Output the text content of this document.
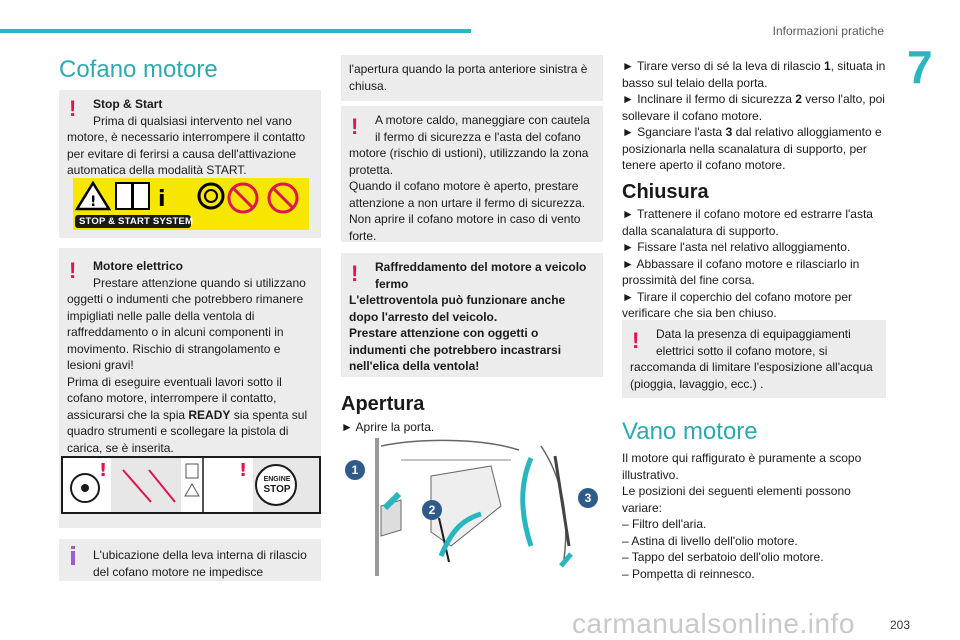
Informazioni pratiche
7
Cofano motore
!	Stop & Start
Prima di qualsiasi intervento nel vano
motore, è necessario interrompere il contatto per evitare di ferirsi a causa dell'attivazione automatica della modalità START.
!	i
STOP & START SYSTEM
!	Motore elettrico
Prestare attenzione quando si utilizzano
oggetti o indumenti che potrebbero rimanere impigliati nelle palle della ventola di raffreddamento o in alcuni componenti in movimento. Rischio di strangolamento e lesioni gravi!
Prima di eseguire eventuali lavori sotto il cofano motore, interrompere il contatto, assicurarsi che la spia READY sia spenta sul quadro strumenti e scollegare la pistola di carica, se è inserita.
!	!	ENGINE
STOP
L'ubicazione della leva interna di rilascio del cofano motore ne impedisce
l'apertura quando la porta anteriore sinistra è chiusa.
!	A motore caldo, maneggiare con cautela
il fermo di sicurezza e l'asta del cofano
motore (rischio di ustioni), utilizzando la zona protetta.
Quando il cofano motore è aperto, prestare attenzione a non urtare il fermo di sicurezza. Non aprire il cofano motore in caso di vento forte.
!	Raffreddamento del motore a veicolo
fermo
L'elettroventola può funzionare anche dopo l'arresto del veicolo.
Prestare attenzione con oggetti o indumenti che potrebbero incastrarsi nell'elica della ventola!
Apertura
► Aprire la porta.
1
2
3

► Tirare verso di sé la leva di rilascio 1, situata in basso sul telaio della porta.

► Inclinare il fermo di sicurezza 2 verso l'alto, poi sollevare il cofano motore.

► Sganciare l'asta 3 dal relativo alloggiamento e posizionarla nella scanalatura di supporto, per tenere aperto il cofano motore.

Chiusura

► Trattenere il cofano motore ed estrarre l'asta dalla scanalatura di supporto.

► Fissare l'asta nel relativo alloggiamento.

► Abbassare il cofano motore e rilasciarlo in prossimità del fine corsa.

► Tirare il coperchio del cofano motore per verificare che sia ben chiuso.

!	Data la presenza di equipaggiamenti
elettrici sotto il cofano motore, si
raccomanda di limitare l'esposizione all'acqua (pioggia, lavaggio, ecc.) .
Vano motore

Il motore qui raffigurato è puramente a scopo illustrativo.

Le posizioni dei seguenti elementi possono variare:

– Filtro dell'aria.

– Astina di livello dell'olio motore.

– Tappo del serbatoio dell'olio motore.

– Pompetta di reinnesco.

carmanualsonline.info	203
